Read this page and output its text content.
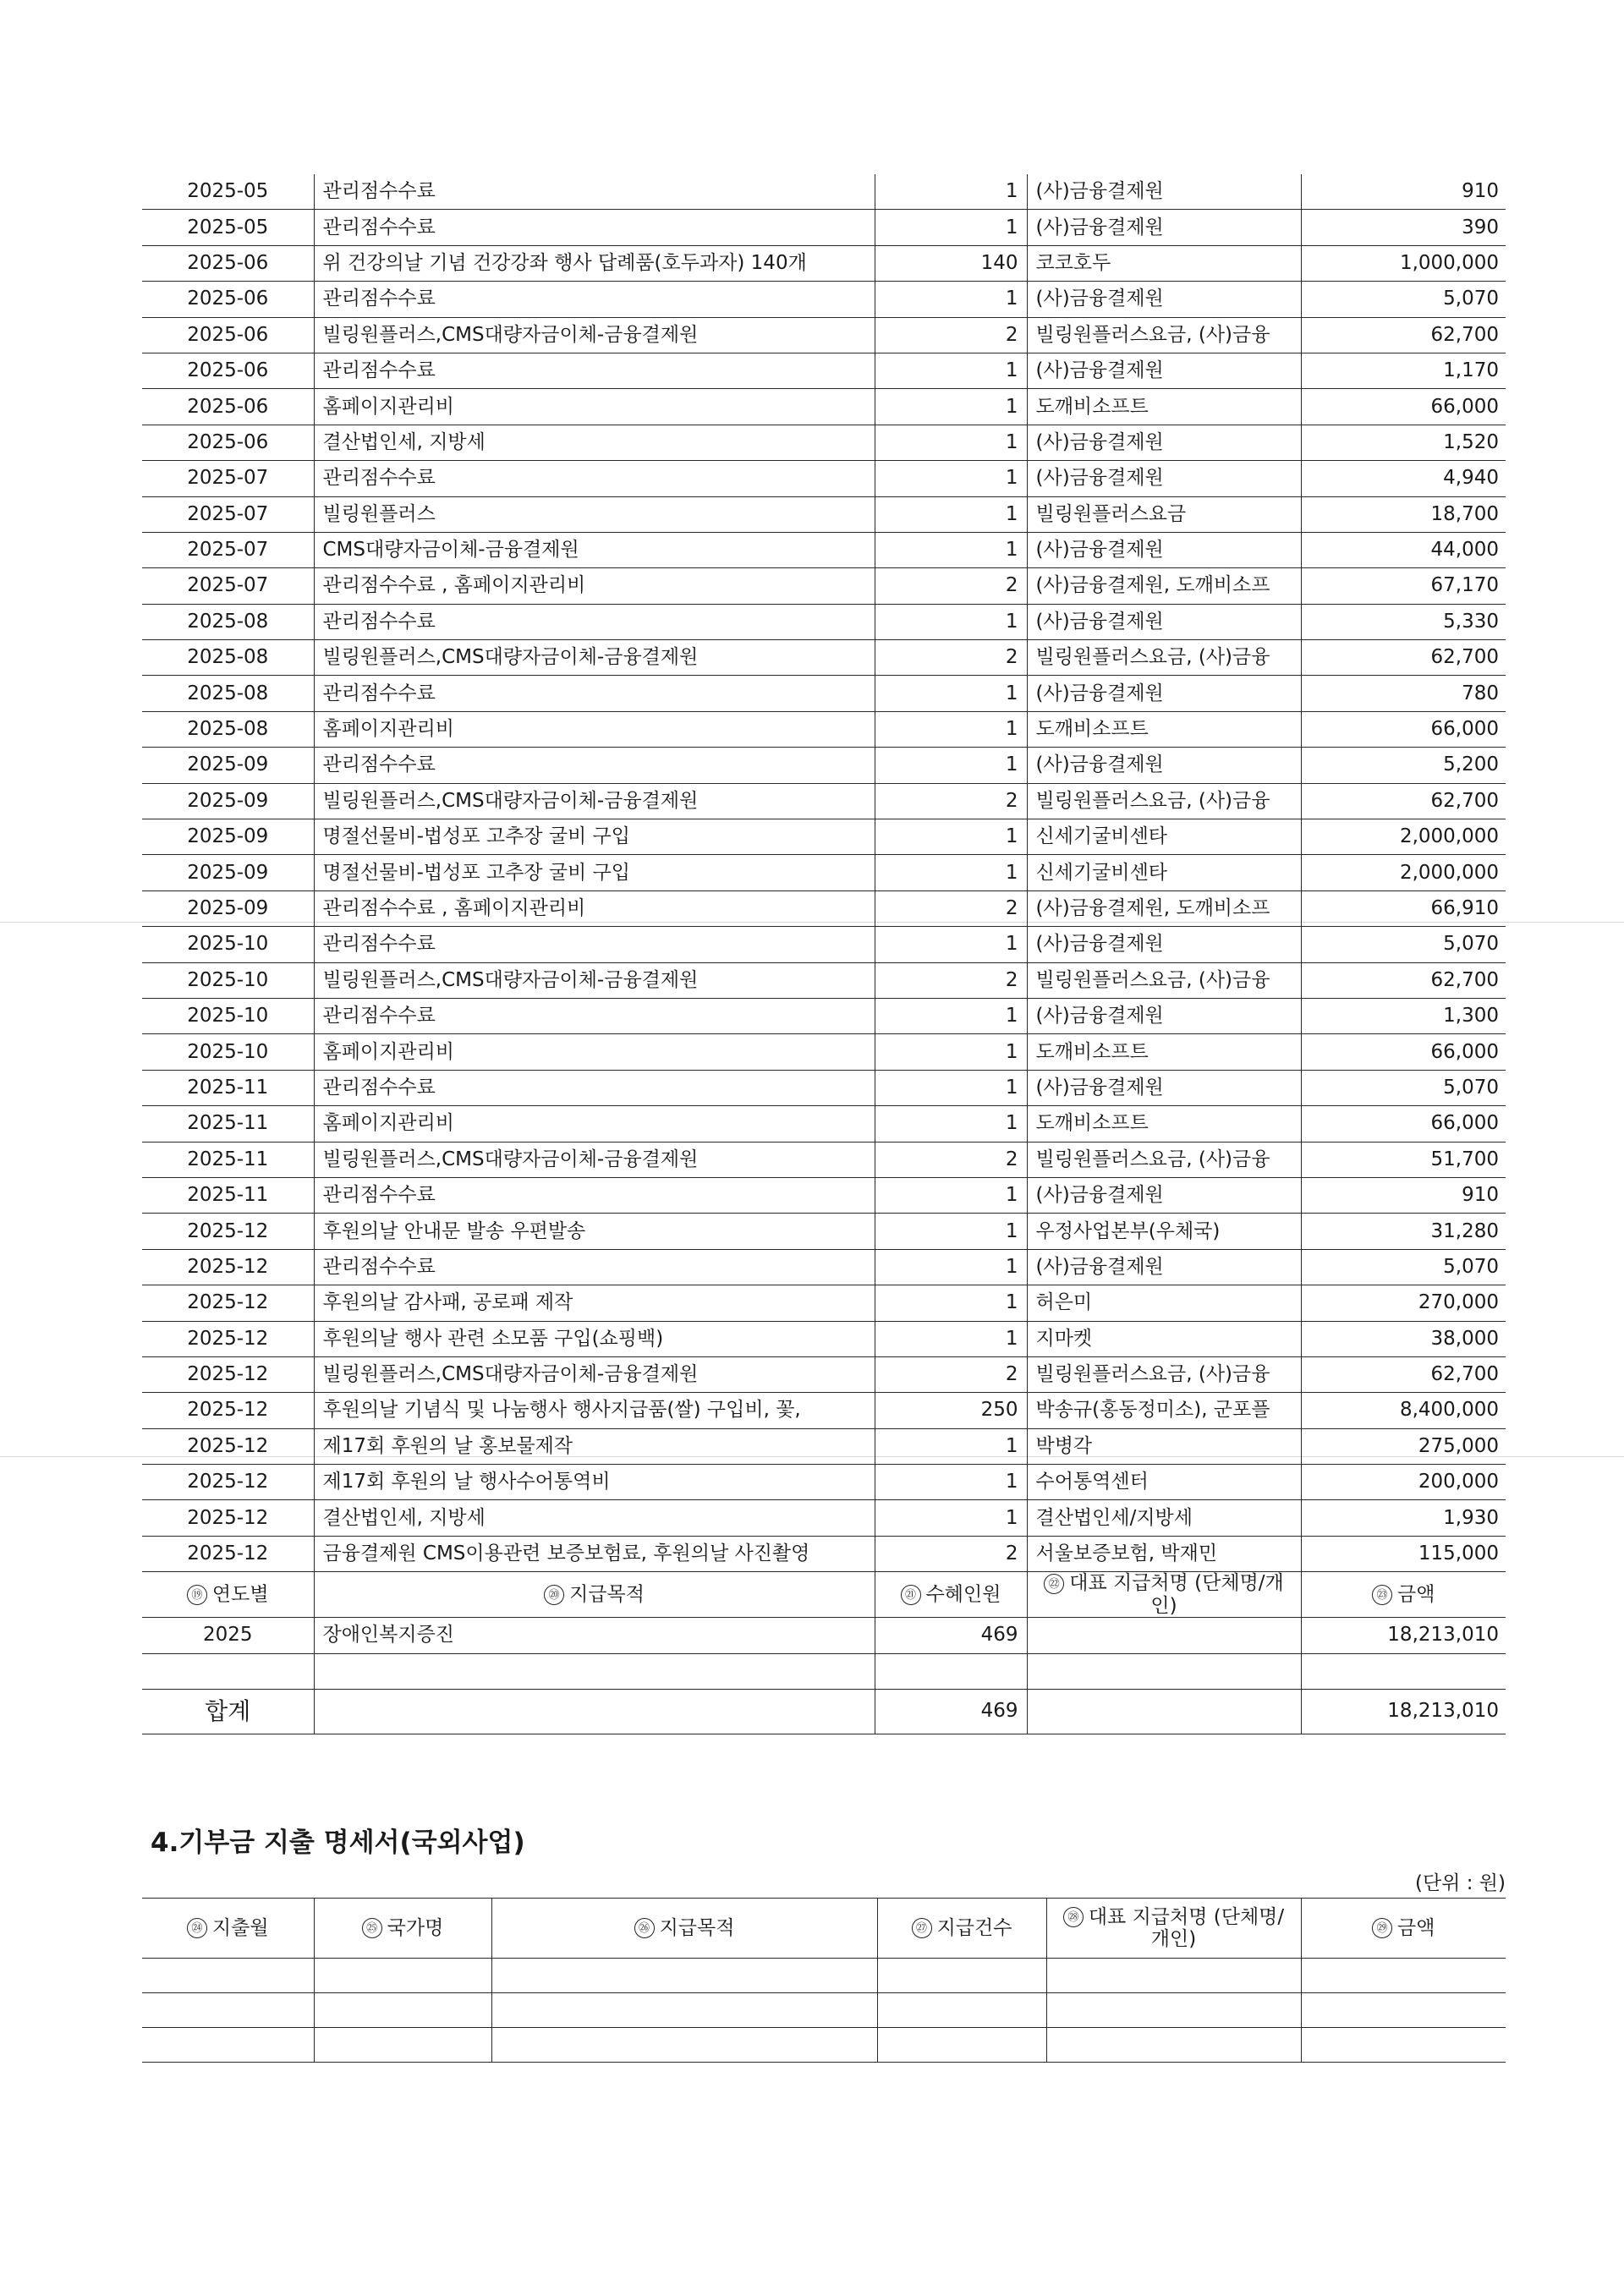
2025-05	관리점수수료	1	(사)금융결제원	910
2025-05	관리점수수료	1	(사)금융결제원	390
2025-06	위 건강의날 기념 건강강좌 행사 답례품(호두과자) 140개	140	코코호두	1,000,000
2025-06	관리점수수료	1	(사)금융결제원	5,070
2025-06	빌링원플러스,CMS대량자금이체-금융결제원	2	빌링원플러스요금, (사)금융	62,700
2025-06	관리점수수료	1	(사)금융결제원	1,170
2025-06	홈페이지관리비	1	도깨비소프트	66,000
2025-06	결산법인세, 지방세	1	(사)금융결제원	1,520
2025-07	관리점수수료	1	(사)금융결제원	4,940
2025-07	빌링원플러스	1	빌링원플러스요금	18,700
2025-07	CMS대량자금이체-금융결제원	1	(사)금융결제원	44,000
2025-07	관리점수수료 , 홈페이지관리비	2	(사)금융결제원, 도깨비소프	67,170
2025-08	관리점수수료	1	(사)금융결제원	5,330
2025-08	빌링원플러스,CMS대량자금이체-금융결제원	2	빌링원플러스요금, (사)금융	62,700
2025-08	관리점수수료	1	(사)금융결제원	780
2025-08	홈페이지관리비	1	도깨비소프트	66,000
2025-09	관리점수수료	1	(사)금융결제원	5,200
2025-09	빌링원플러스,CMS대량자금이체-금융결제원	2	빌링원플러스요금, (사)금융	62,700
2025-09	명절선물비-법성포 고추장 굴비 구입	1	신세기굴비센타	2,000,000
2025-09	명절선물비-법성포 고추장 굴비 구입	1	신세기굴비센타	2,000,000
2025-09	관리점수수료 , 홈페이지관리비	2	(사)금융결제원, 도깨비소프	66,910
2025-10	관리점수수료	1	(사)금융결제원	5,070
2025-10	빌링원플러스,CMS대량자금이체-금융결제원	2	빌링원플러스요금, (사)금융	62,700
2025-10	관리점수수료	1	(사)금융결제원	1,300
2025-10	홈페이지관리비	1	도깨비소프트	66,000
2025-11	관리점수수료	1	(사)금융결제원	5,070
2025-11	홈페이지관리비	1	도깨비소프트	66,000
2025-11	빌링원플러스,CMS대량자금이체-금융결제원	2	빌링원플러스요금, (사)금융	51,700
2025-11	관리점수수료	1	(사)금융결제원	910
2025-12	후원의날 안내문 발송 우편발송	1	우정사업본부(우체국)	31,280
2025-12	관리점수수료	1	(사)금융결제원	5,070
2025-12	후원의날 감사패, 공로패 제작	1	허은미	270,000
2025-12	후원의날 행사 관련 소모품 구입(쇼핑백)	1	지마켓	38,000
2025-12	빌링원플러스,CMS대량자금이체-금융결제원	2	빌링원플러스요금, (사)금융	62,700
2025-12	후원의날 기념식 및 나눔행사 행사지급품(쌀) 구입비, 꽃,	250	박송규(홍동정미소), 군포플	8,400,000
2025-12	제17회 후원의 날 홍보물제작	1	박병각	275,000
2025-12	제17회 후원의 날 행사수어통역비	1	수어통역센터	200,000
2025-12	결산법인세, 지방세	1	결산법인세/지방세	1,930
2025-12	금융결제원 CMS이용관련 보증보험료, 후원의날 사진촬영	2	서울보증보험, 박재민	115,000
⑲ 연도별	⑳ 지급목적	㉑ 수혜인원	㉒ 대표 지급처명 (단체명/개인)	㉓ 금액
2025	장애인복지증진	469		18,213,010

합계		469		18,213,010
4.기부금 지출 명세서(국외사업)
(단위 : 원)
㉔ 지출월	㉕ 국가명	㉖ 지급목적	㉗ 지급건수	㉘ 대표 지급처명 (단체명/개인)	㉙ 금액
